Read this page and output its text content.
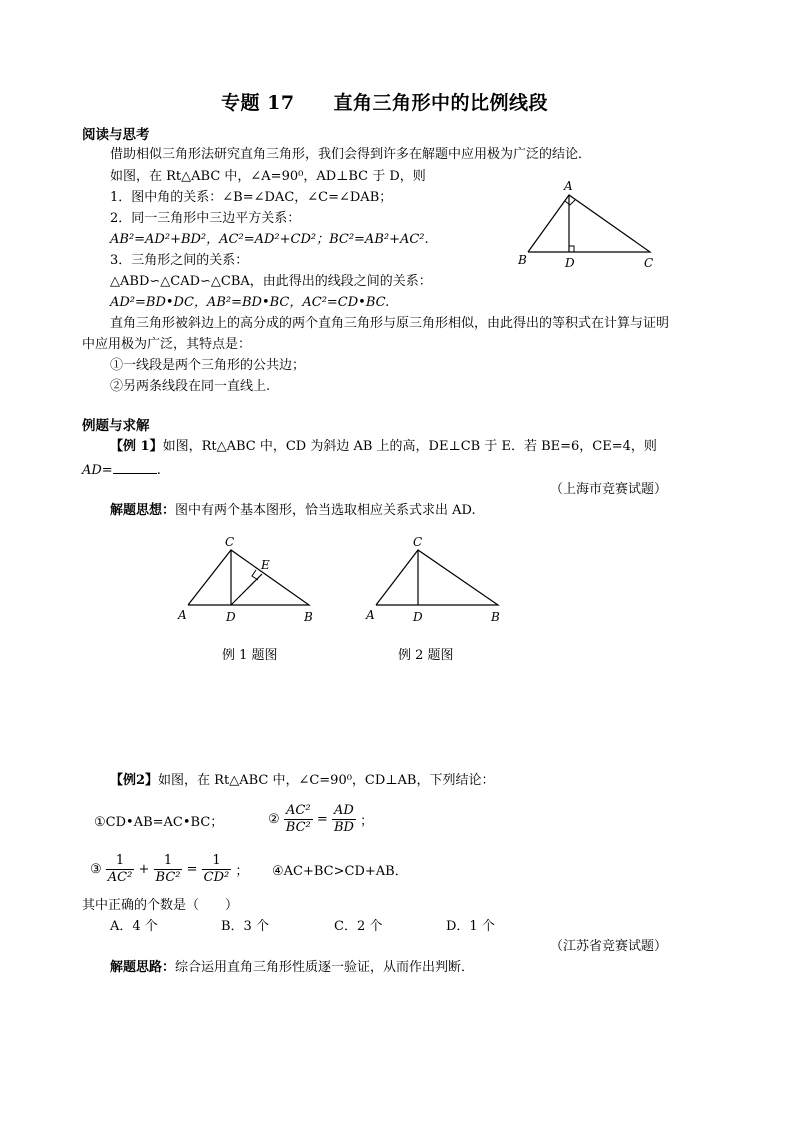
专题 17　　直角三角形中的比例线段
阅读与思考
借助相似三角形法研究直角三角形，我们会得到许多在解题中应用极为广泛的结论．
如图，在 Rt△ABC 中，∠A=90⁰，AD⊥BC 于 D，则
1．图中角的关系：∠B=∠DAC，∠C=∠DAB；
2．同一三角形中三边平方关系：
AB²=AD²+BD²，AC²=AD²+CD²；BC²=AB²+AC².
3．三角形之间的关系：
△ABD∽△CAD∽△CBA，由此得出的线段之间的关系：
AD²=BD•DC，AB²=BD•BC，AC²=CD•BC.
直角三角形被斜边上的高分成的两个直角三角形与原三角形相似，由此得出的等积式在计算与证明
中应用极为广泛，其特点是：
①一线段是两个三角形的公共边；
②另两条线段在同一直线上.
A
B	D	C
例题与求解
【例 1】如图，Rt△ABC 中，CD 为斜边 AB 上的高，DE⊥CB 于 E．若 BE=6，CE=4，则
AD=	.
（上海市竞赛试题）
解题思想：图中有两个基本图形，恰当选取相应关系式求出 AD.
C
E
A	D	B
例 1 题图
C
A	D	B
例 2 题图
【例2】如图，在 Rt△ABC 中，∠C=90⁰，CD⊥AB，下列结论：
①CD•AB=AC•BC；	② $\frac{\text{AC²}}{\text{BC²}} = \frac{AD}{BD}$ ；
③ $\frac{1}{\text{AC²}} + \frac{1}{\text{BC²}} = \frac{1}{\text{CD²}}$ ； ④AC+BC>CD+AB．
其中正确的个数是（　　）
A．4 个	B．3 个	C．2 个	D．1 个
（江苏省竞赛试题）
解题思路：综合运用直角三角形性质逐一验证，从而作出判断．
